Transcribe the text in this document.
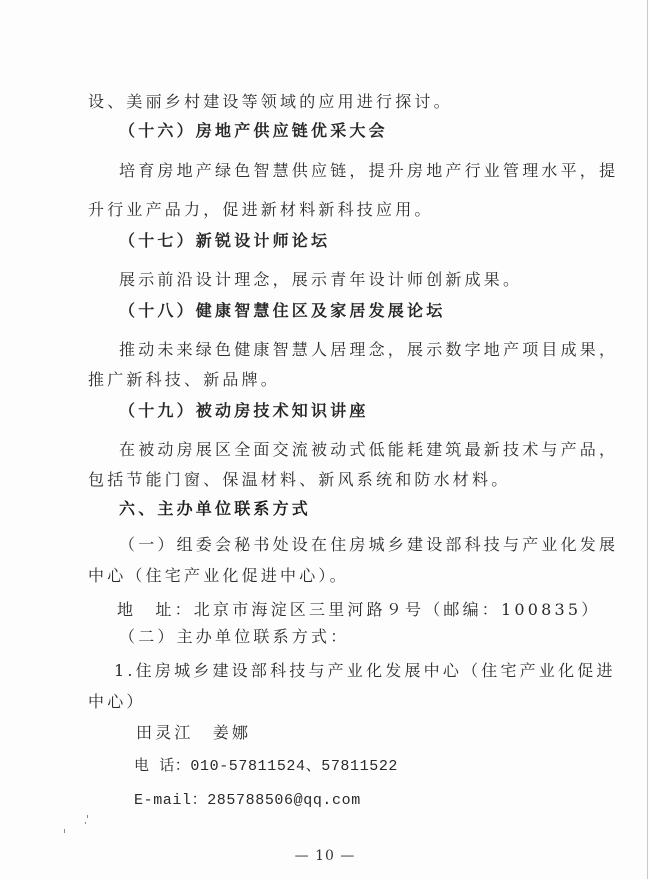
设、美丽乡村建设等领域的应用进行探讨。
（十六）房地产供应链优采大会
培育房地产绿色智慧供应链，提升房地产行业管理水平，提
升行业产品力，促进新材料新科技应用。
（十七）新锐设计师论坛
展示前沿设计理念，展示青年设计师创新成果。
（十八）健康智慧住区及家居发展论坛
推动未来绿色健康智慧人居理念，展示数字地产项目成果，
推广新科技、新品牌。
（十九）被动房技术知识讲座
在被动房展区全面交流被动式低能耗建筑最新技术与产品，
包括节能门窗、保温材料、新风系统和防水材料。
六、主办单位联系方式
（一）组委会秘书处设在住房城乡建设部科技与产业化发展
中心（住宅产业化促进中心）。
地　址：北京市海淀区三里河路９号（邮编：100835）
（二）主办单位联系方式：
1.住房城乡建设部科技与产业化发展中心（住宅产业化促进
中心）
田灵江　姜娜
电 话：010-57811524、57811522
E-mail：285788506@qq.com
— 10 —
